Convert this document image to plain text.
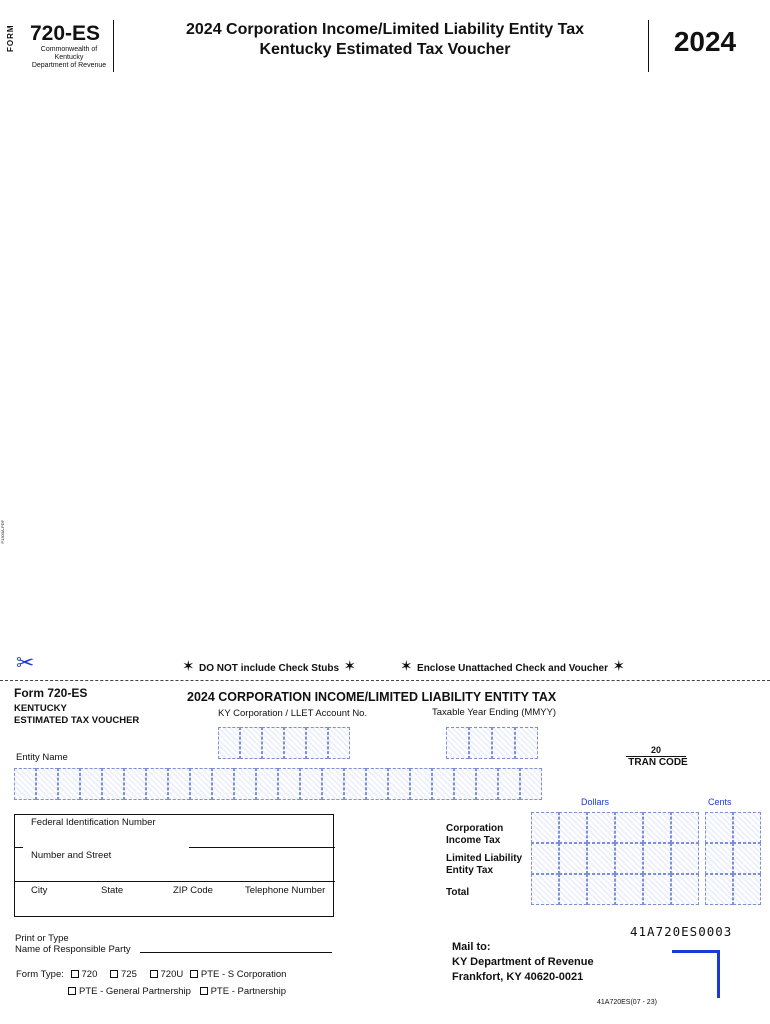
FORM 720-ES
Commonwealth of Kentucky
Department of Revenue
2024 Corporation Income/Limited Liability Entity Tax
Kentucky Estimated Tax Voucher	2024
P1300A-PDF
✂	✶ DO NOT include Check Stubs ✶	✶ Enclose Unattached Check and Voucher ✶
Form 720-ES
KENTUCKY
ESTIMATED TAX VOUCHER
2024 CORPORATION INCOME/LIMITED LIABILITY ENTITY TAX
KY Corporation / LLET Account No.	Taxable Year Ending (MMYY)
20
TRAN CODE
Entity Name
Dollars	Cents
Federal Identification Number
Number and Street
City	State	ZIP Code	Telephone Number
Corporation
Income Tax
Limited Liability
Entity Tax
Total
41A720ES0003
Print or Type
Name of Responsible Party
Form Type: 720 725 720U PTE - S Corporation
PTE - General Partnership PTE - Partnership
Mail to:
KY Department of Revenue
Frankfort, KY 40620-0021
41A720ES(07 - 23)
